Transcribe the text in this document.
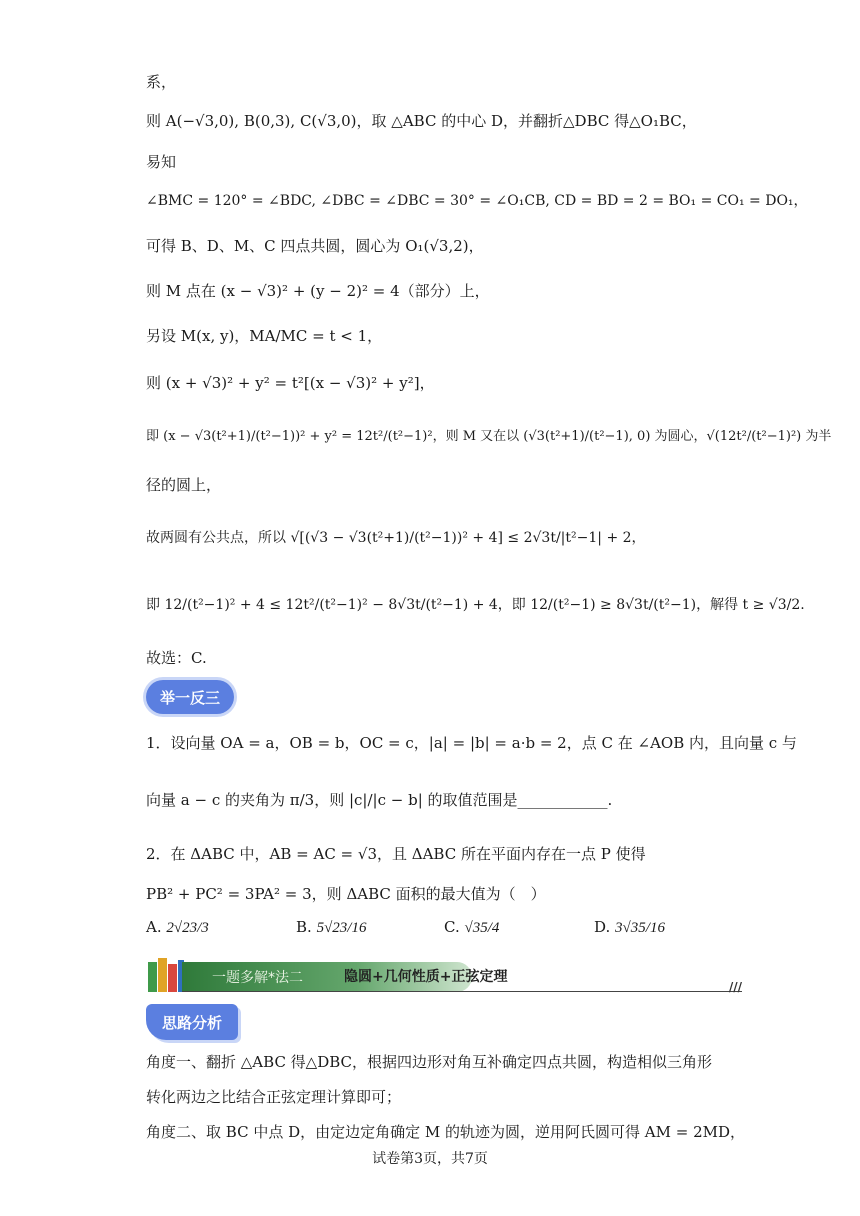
系，
则 A(−√3,0), B(0,3), C(√3,0)，取 △ABC 的中心 D，并翻折△DBC 得△O₁BC，
易知
∠BMC = 120° = ∠BDC, ∠DBC = ∠DBC = 30° = ∠O₁CB, CD = BD = 2 = BO₁ = CO₁ = DO₁，
可得 B、D、M、C 四点共圆，圆心为 O₁(√3,2)，
则 M 点在 (x − √3)² + (y − 2)² = 4（部分）上，
另设 M(x, y)，MA/MC = t < 1，
则 (x + √3)² + y² = t²[(x − √3)² + y²]，
即 (x − √3(t²+1)/(t²−1))² + y² = 12t²/(t²−1)²，则 M 又在以 (√3(t²+1)/(t²−1), 0) 为圆心，√(12t²/(t²−1)²) 为半
径的圆上，
故两圆有公共点，所以 √[(√3 − √3(t²+1)/(t²−1))² + 4] ≤ 2√3t/|t²−1| + 2，
即 12/(t²−1)² + 4 ≤ 12t²/(t²−1)² − 8√3t/(t²−1) + 4，即 12/(t²−1) ≥ 8√3t/(t²−1)，解得 t ≥ √3/2.
故选：C.
举一反三
1．设向量 OA = a，OB = b，OC = c，|a| = |b| = a·b = 2，点 C 在 ∠AOB 内，且向量 c 与
向量 a − c 的夹角为 π/3，则 |c|/|c − b| 的取值范围是____________.
2．在 ΔABC 中，AB = AC = √3，且 ΔABC 所在平面内存在一点 P 使得
PB² + PC² = 3PA² = 3，则 ΔABC 面积的最大值为（　）
A. 2√23/3	B. 5√23/16	C. √35/4	D. 3√35/16
一题多解*法二	隐圆+几何性质+正弦定理
///
思路分析
角度一、翻折 △ABC 得△DBC，根据四边形对角互补确定四点共圆，构造相似三角形
转化两边之比结合正弦定理计算即可；
角度二、取 BC 中点 D，由定边定角确定 M 的轨迹为圆，逆用阿氏圆可得 AM = 2MD，
试卷第3页，共7页
